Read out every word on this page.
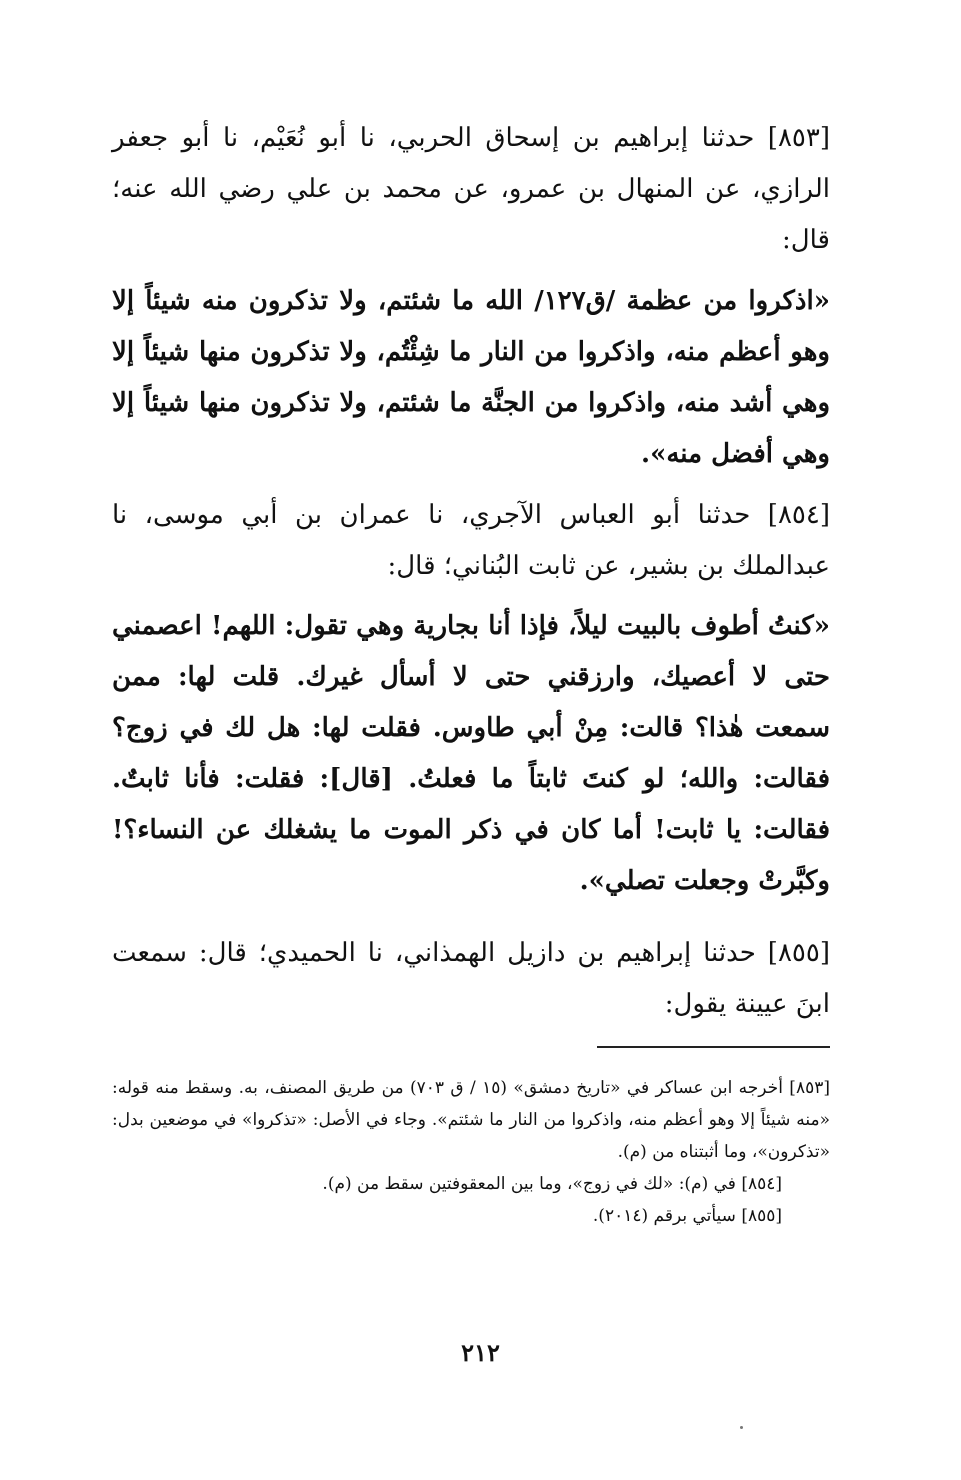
[٨٥٣] حدثنا إبراهيم بن إسحاق الحربي، نا أبو نُعَيْم، نا أبو جعفر الرازي، عن المنهال بن عمرو، عن محمد بن علي رضي الله عنه؛ قال:

«اذكروا من عظمة /ق١٢٧/ الله ما شئتم، ولا تذكرون منه شيئاً إلا وهو أعظم منه، واذكروا من النار ما شِئْتُم، ولا تذكرون منها شيئاً إلا وهي أشد منه، واذكروا من الجنَّة ما شئتم، ولا تذكرون منها شيئاً إلا وهي أفضل منه».

[٨٥٤] حدثنا أبو العباس الآجري، نا عمران بن أبي موسى، نا عبدالملك بن بشير، عن ثابت البُناني؛ قال:

«كنتُ أطوف بالبيت ليلاً، فإذا أنا بجارية وهي تقول: اللهم! اعصمني حتى لا أعصيك، وارزقني حتى لا أسأل غيرك. قلت لها: ممن سمعت هٰذا؟ قالت: مِنْ أبي طاوس. فقلت لها: هل لك في زوج؟ فقالت: والله؛ لو كنتَ ثابتاً ما فعلتُ. [قال]: فقلت: فأنا ثابتٌ. فقالت: يا ثابت! أما كان في ذكر الموت ما يشغلك عن النساء؟! وكبَّرتْ وجعلت تصلي».

[٨٥٥] حدثنا إبراهيم بن دازيل الهمذاني، نا الحميدي؛ قال: سمعت ابنَ عيينة يقول:

[٨٥٣] أخرجه ابن عساكر في «تاريخ دمشق» (١٥ / ق ٧٠٣) من طريق المصنف، به. وسقط منه قوله: «منه شيئاً إلا وهو أعظم منه، واذكروا من النار ما شئتم». وجاء في الأصل: «تذكروا» في موضعين بدل: «تذكرون»، وما أثبتناه من (م).

[٨٥٤] في (م): «لك في زوج»، وما بين المعقوفتين سقط من (م).

[٨٥٥] سيأتي برقم (٢٠١٤).

٢١٢
